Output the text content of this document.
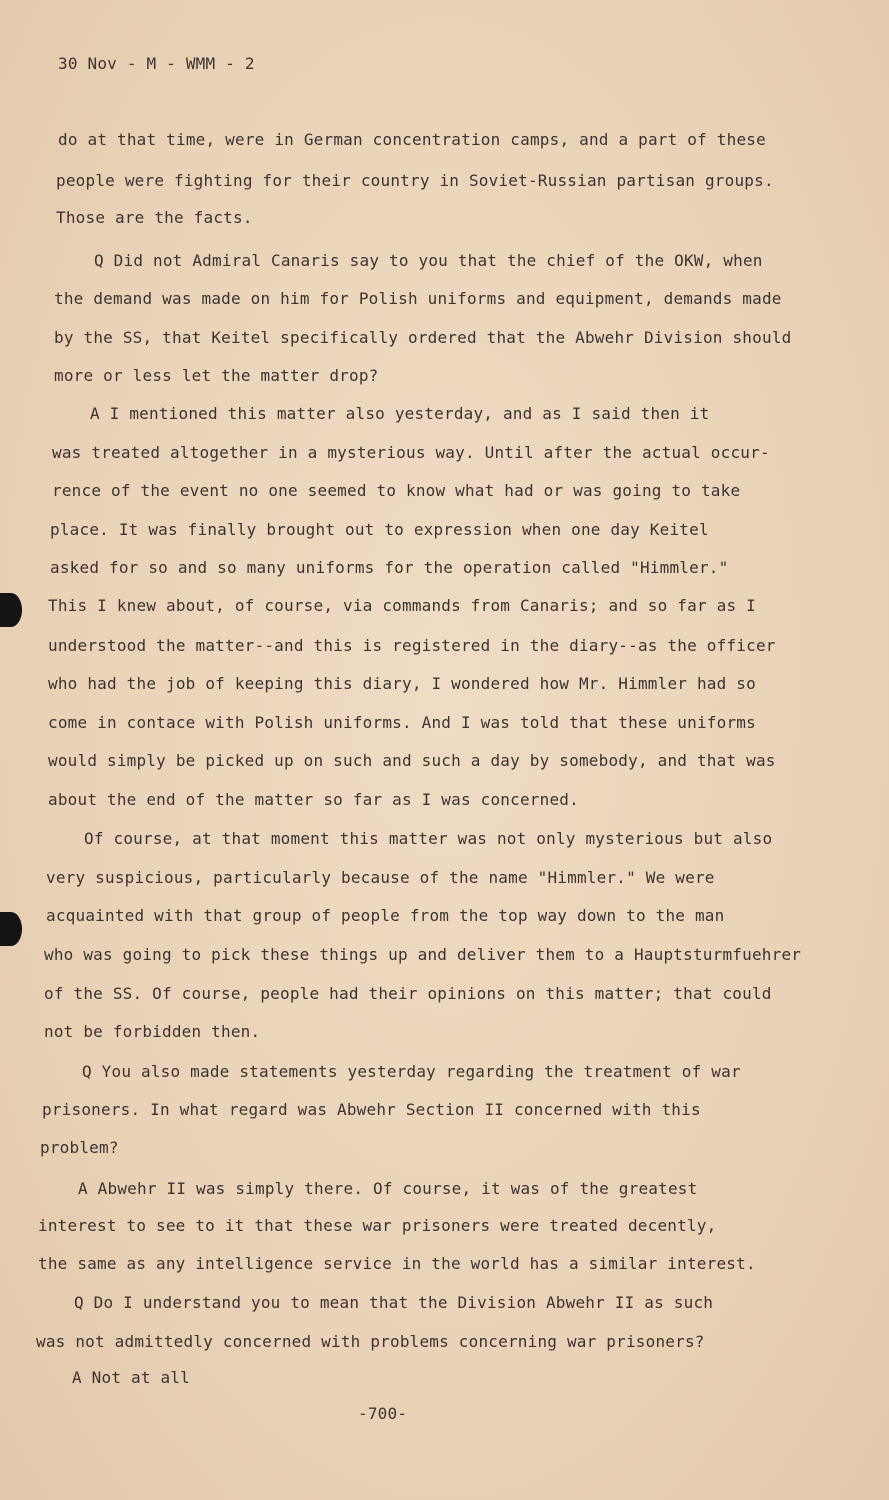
30 Nov - M - WMM - 2
do at that time, were in German concentration camps, and a part of these
people were fighting for their country in Soviet-Russian partisan groups.
Those are the facts.
Q Did not Admiral Canaris say to you that the chief of the OKW, when
the demand was made on him for Polish uniforms and equipment, demands made
by the SS, that Keitel specifically ordered that the Abwehr Division should
more or less let the matter drop?
A I mentioned this matter also yesterday, and as I said then it
was treated altogether in a mysterious way. Until after the actual occur-
rence of the event no one seemed to know what had or was going to take
place. It was finally brought out to expression when one day Keitel
asked for so and so many uniforms for the operation called "Himmler."
This I knew about, of course, via commands from Canaris; and so far as I
understood the matter--and this is registered in the diary--as the officer
who had the job of keeping this diary, I wondered how Mr. Himmler had so
come in contace with Polish uniforms. And I was told that these uniforms
would simply be picked up on such and such a day by somebody, and that was
about the end of the matter so far as I was concerned.
Of course, at that moment this matter was not only mysterious but also
very suspicious, particularly because of the name "Himmler." We were
acquainted with that group of people from the top way down to the man
who was going to pick these things up and deliver them to a Hauptsturmfuehrer
of the SS. Of course, people had their opinions on this matter; that could
not be forbidden then.
Q You also made statements yesterday regarding the treatment of war
prisoners. In what regard was Abwehr Section II concerned with this
problem?
A Abwehr II was simply there. Of course, it was of the greatest
interest to see to it that these war prisoners were treated decently,
the same as any intelligence service in the world has a similar interest.
Q Do I understand you to mean that the Division Abwehr II as such
was not admittedly concerned with problems concerning war prisoners?
A Not at all
-700-
